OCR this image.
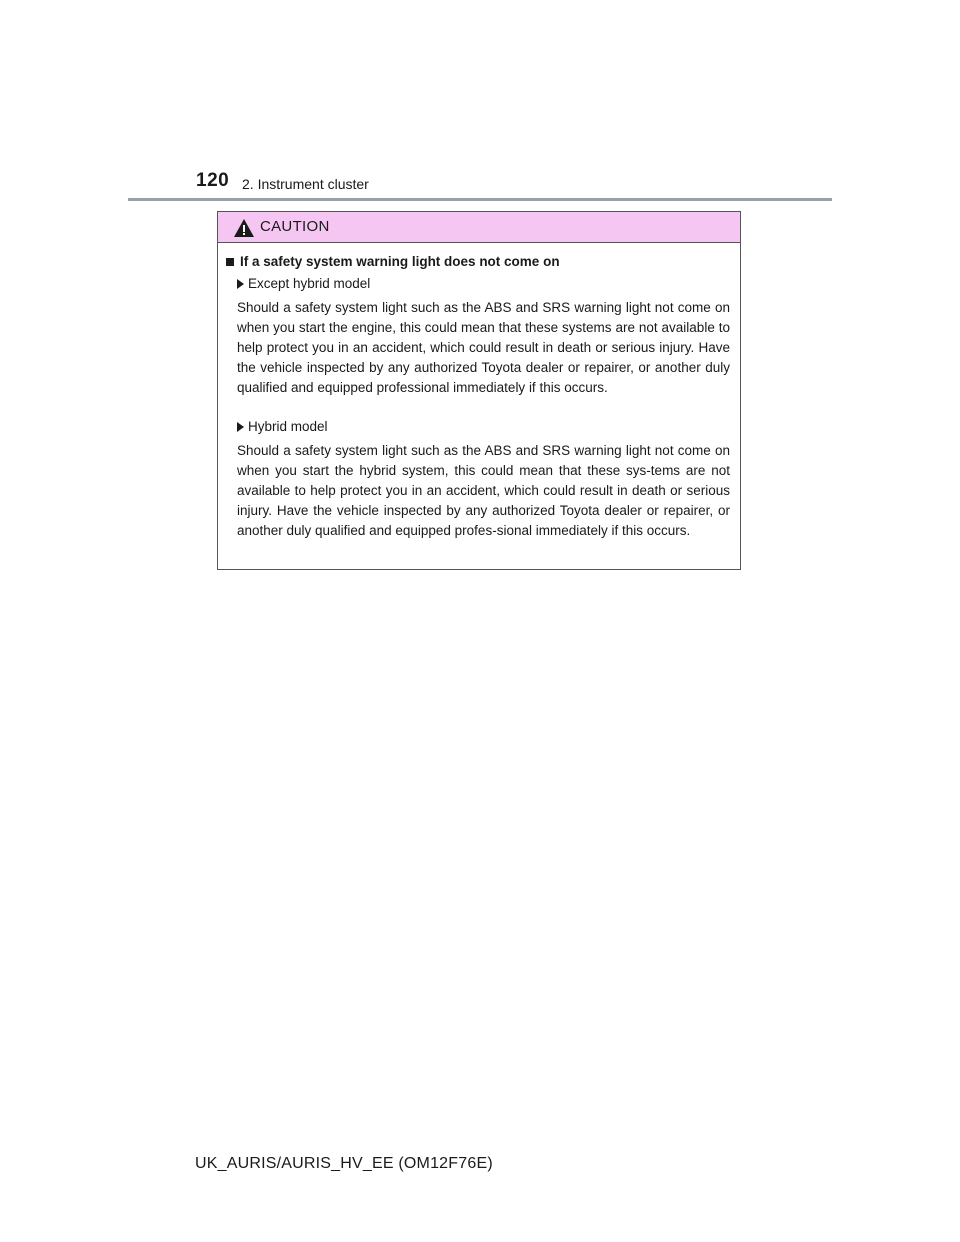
120 2. Instrument cluster
CAUTION
If a safety system warning light does not come on
Except hybrid model
Should a safety system light such as the ABS and SRS warning light not come on when you start the engine, this could mean that these systems are not available to help protect you in an accident, which could result in death or serious injury. Have the vehicle inspected by any authorized Toyota dealer or repairer, or another duly qualified and equipped professional immediately if this occurs.
Hybrid model
Should a safety system light such as the ABS and SRS warning light not come on when you start the hybrid system, this could mean that these sys-tems are not available to help protect you in an accident, which could result in death or serious injury. Have the vehicle inspected by any authorized Toyota dealer or repairer, or another duly qualified and equipped profes-sional immediately if this occurs.
UK_AURIS/AURIS_HV_EE (OM12F76E)
